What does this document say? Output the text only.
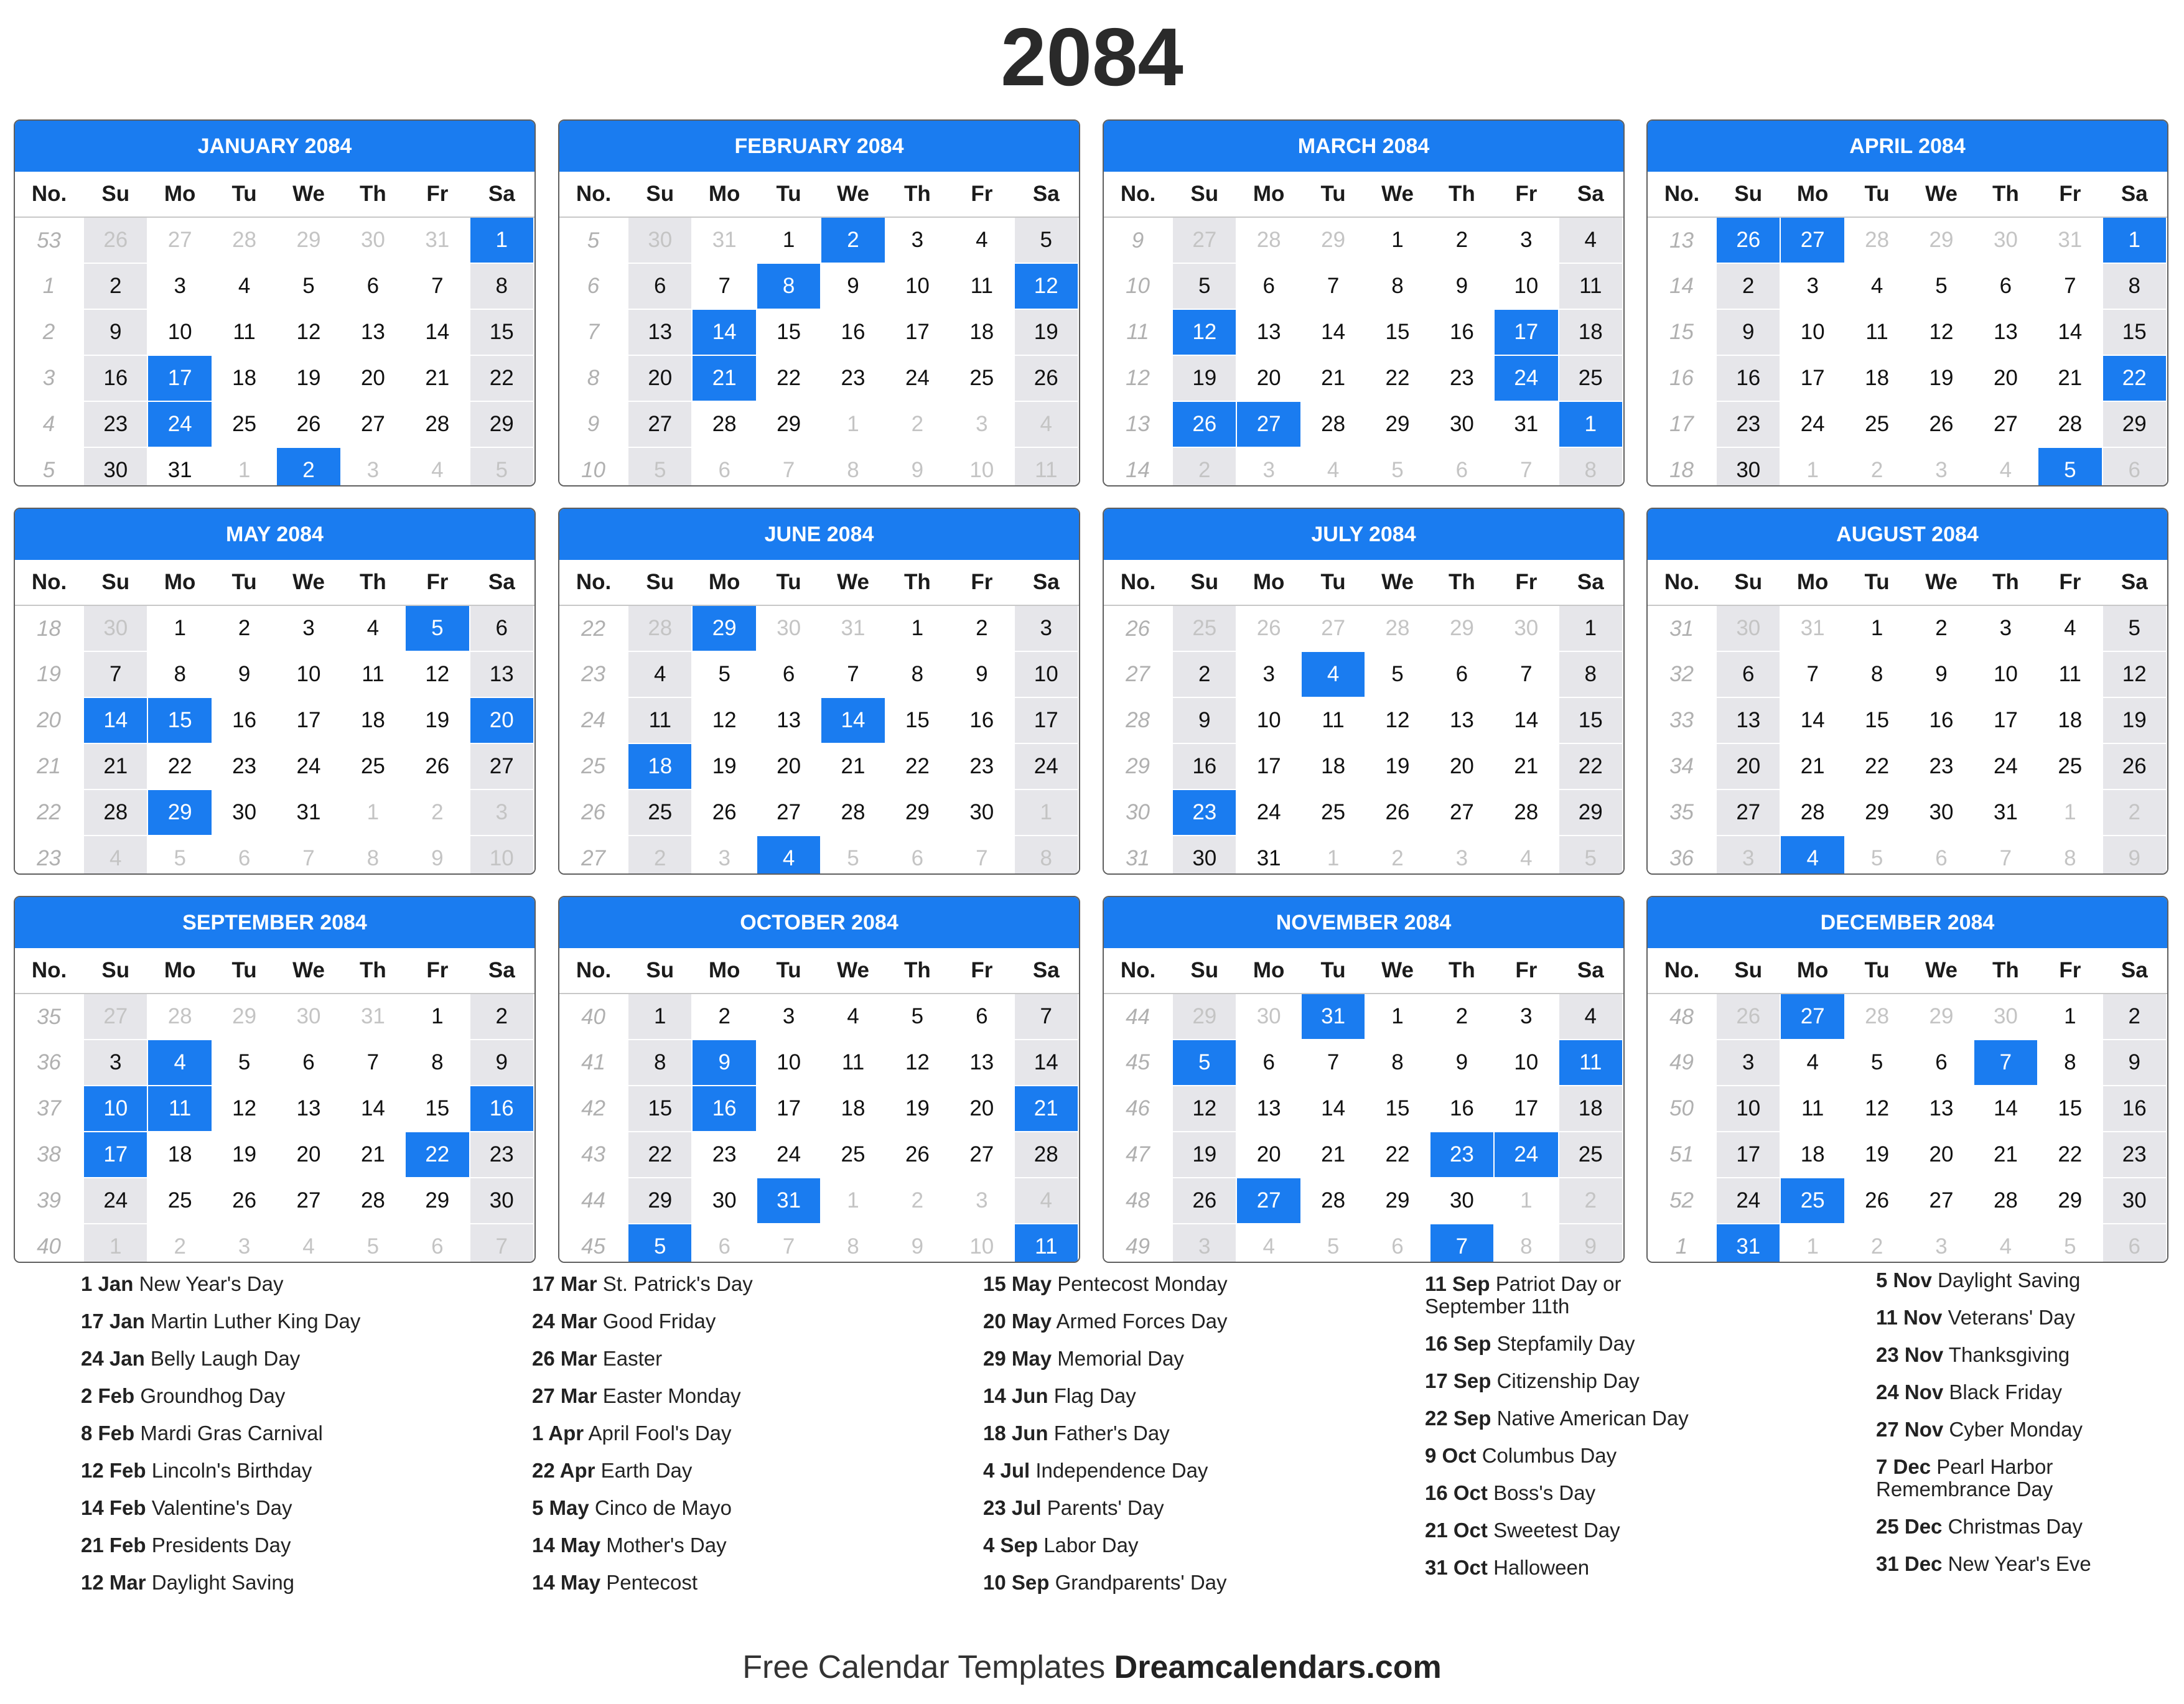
2084
JANUARY 2084
No.	Su	Mo	Tu	We	Th	Fr	Sa
53	26	27	28	29	30	31	1
1	2	3	4	5	6	7	8
2	9	10	11	12	13	14	15
3	16	17	18	19	20	21	22
4	23	24	25	26	27	28	29
5	30	31	1	2	3	4	5
FEBRUARY 2084
No.	Su	Mo	Tu	We	Th	Fr	Sa
5	30	31	1	2	3	4	5
6	6	7	8	9	10	11	12
7	13	14	15	16	17	18	19
8	20	21	22	23	24	25	26
9	27	28	29	1	2	3	4
10	5	6	7	8	9	10	11
MARCH 2084
No.	Su	Mo	Tu	We	Th	Fr	Sa
9	27	28	29	1	2	3	4
10	5	6	7	8	9	10	11
11	12	13	14	15	16	17	18
12	19	20	21	22	23	24	25
13	26	27	28	29	30	31	1
14	2	3	4	5	6	7	8
APRIL 2084
No.	Su	Mo	Tu	We	Th	Fr	Sa
13	26	27	28	29	30	31	1
14	2	3	4	5	6	7	8
15	9	10	11	12	13	14	15
16	16	17	18	19	20	21	22
17	23	24	25	26	27	28	29
18	30	1	2	3	4	5	6
MAY 2084
No.	Su	Mo	Tu	We	Th	Fr	Sa
18	30	1	2	3	4	5	6
19	7	8	9	10	11	12	13
20	14	15	16	17	18	19	20
21	21	22	23	24	25	26	27
22	28	29	30	31	1	2	3
23	4	5	6	7	8	9	10
JUNE 2084
No.	Su	Mo	Tu	We	Th	Fr	Sa
22	28	29	30	31	1	2	3
23	4	5	6	7	8	9	10
24	11	12	13	14	15	16	17
25	18	19	20	21	22	23	24
26	25	26	27	28	29	30	1
27	2	3	4	5	6	7	8
JULY 2084
No.	Su	Mo	Tu	We	Th	Fr	Sa
26	25	26	27	28	29	30	1
27	2	3	4	5	6	7	8
28	9	10	11	12	13	14	15
29	16	17	18	19	20	21	22
30	23	24	25	26	27	28	29
31	30	31	1	2	3	4	5
AUGUST 2084
No.	Su	Mo	Tu	We	Th	Fr	Sa
31	30	31	1	2	3	4	5
32	6	7	8	9	10	11	12
33	13	14	15	16	17	18	19
34	20	21	22	23	24	25	26
35	27	28	29	30	31	1	2
36	3	4	5	6	7	8	9
SEPTEMBER 2084
No.	Su	Mo	Tu	We	Th	Fr	Sa
35	27	28	29	30	31	1	2
36	3	4	5	6	7	8	9
37	10	11	12	13	14	15	16
38	17	18	19	20	21	22	23
39	24	25	26	27	28	29	30
40	1	2	3	4	5	6	7
OCTOBER 2084
No.	Su	Mo	Tu	We	Th	Fr	Sa
40	1	2	3	4	5	6	7
41	8	9	10	11	12	13	14
42	15	16	17	18	19	20	21
43	22	23	24	25	26	27	28
44	29	30	31	1	2	3	4
45	5	6	7	8	9	10	11
NOVEMBER 2084
No.	Su	Mo	Tu	We	Th	Fr	Sa
44	29	30	31	1	2	3	4
45	5	6	7	8	9	10	11
46	12	13	14	15	16	17	18
47	19	20	21	22	23	24	25
48	26	27	28	29	30	1	2
49	3	4	5	6	7	8	9
DECEMBER 2084
No.	Su	Mo	Tu	We	Th	Fr	Sa
48	26	27	28	29	30	1	2
49	3	4	5	6	7	8	9
50	10	11	12	13	14	15	16
51	17	18	19	20	21	22	23
52	24	25	26	27	28	29	30
1	31	1	2	3	4	5	6
1 Jan New Year's Day
17 Jan Martin Luther King Day
24 Jan Belly Laugh Day
2 Feb Groundhog Day
8 Feb Mardi Gras Carnival
12 Feb Lincoln's Birthday
14 Feb Valentine's Day
21 Feb Presidents Day
12 Mar Daylight Saving
17 Mar St. Patrick's Day
24 Mar Good Friday
26 Mar Easter
27 Mar Easter Monday
1 Apr April Fool's Day
22 Apr Earth Day
5 May Cinco de Mayo
14 May Mother's Day
14 May Pentecost
15 May Pentecost Monday
20 May Armed Forces Day
29 May Memorial Day
14 Jun Flag Day
18 Jun Father's Day
4 Jul Independence Day
23 Jul Parents' Day
4 Sep Labor Day
10 Sep Grandparents' Day
11 Sep Patriot Day or September 11th
16 Sep Stepfamily Day
17 Sep Citizenship Day
22 Sep Native American Day
9 Oct Columbus Day
16 Oct Boss's Day
21 Oct Sweetest Day
31 Oct Halloween
5 Nov Daylight Saving
11 Nov Veterans' Day
23 Nov Thanksgiving
24 Nov Black Friday
27 Nov Cyber Monday
7 Dec Pearl Harbor Remembrance Day
25 Dec Christmas Day
31 Dec New Year's Eve
Free Calendar Templates Dreamcalendars.com
